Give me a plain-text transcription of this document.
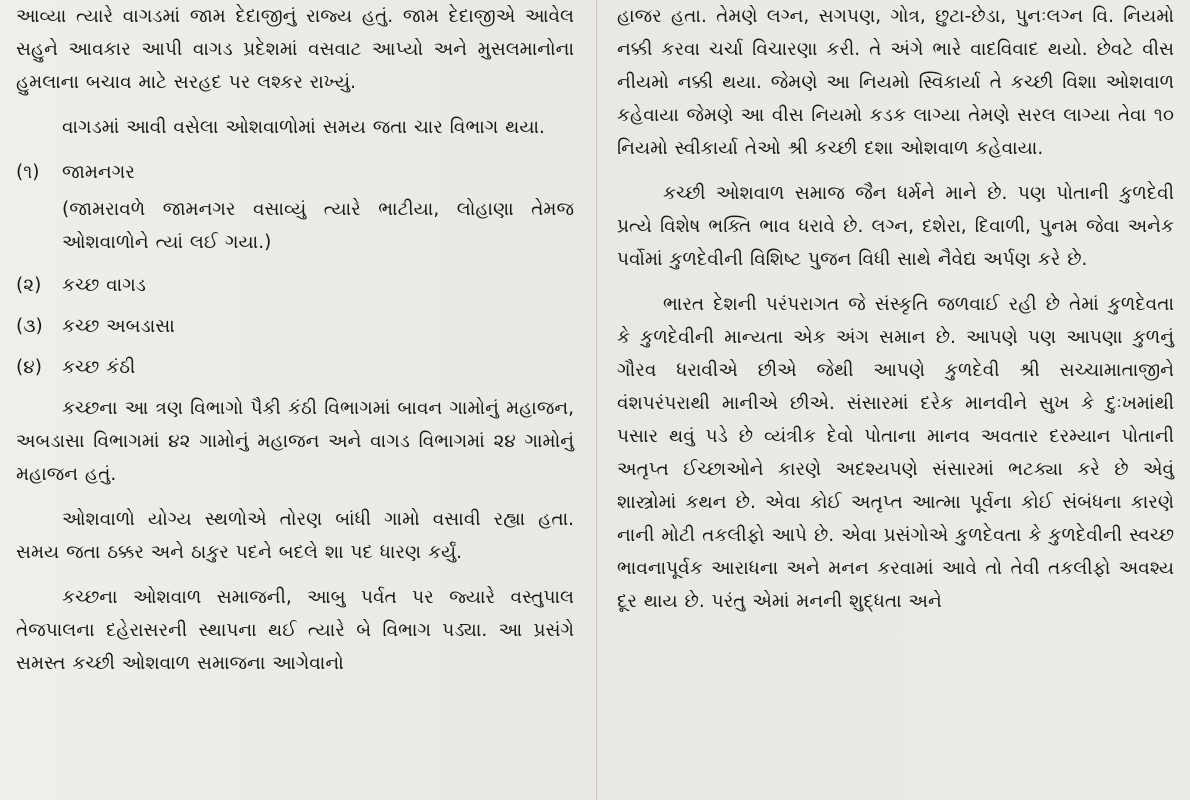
આવ્યા ત્યારે વાગડમાં જામ દેદાજીનું રાજ્ય હતું. જામ દેદાજીએ આવેલ સહુને આવકાર આપી વાગડ પ્રદેશમાં વસવાટ આપ્યો અને મુસલમાનોના હુમલાના બચાવ માટે સરહદ પર લશ્કર રાખ્યું.

વાગડમાં આવી વસેલા ઓશવાળોમાં સમય જતા ચાર વિભાગ થયા.

(૧)	જામનગર

(જામરાવળે જામનગર વસાવ્યું ત્યારે ભાટીયા, લોહાણા તેમજ ઓશવાળોને ત્યાં લઈ ગયા.)

(૨)	કચ્છ વાગડ
(૩)	કચ્છ અબડાસા
(૪)	કચ્છ કંઠી

કચ્છના આ ત્રણ વિભાગો પૈકી કંઠી વિભાગમાં બાવન ગામોનું મહાજન, અબડાસા વિભાગમાં ૪૨ ગામોનું મહાજન અને વાગડ વિભાગમાં ૨૪ ગામોનું મહાજન હતું.

ઓશવાળો યોગ્ય સ્થળોએ તોરણ બાંધી ગામો વસાવી રહ્યા હતા. સમય જતા ઠક્કર અને ઠાકુર પદને બદલે શા પદ ધારણ કર્યું.

કચ્છના ઓશવાળ સમાજની, આબુ પર્વત પર જ્યારે વસ્તુપાલ તેજપાલના દહેરાસરની સ્થાપના થઈ ત્યારે બે વિભાગ પડ્યા. આ પ્રસંગે સમસ્ત કચ્છી ઓશવાળ સમાજના આગેવાનો

હાજર હતા. તેમણે લગ્ન, સગપણ, ગોત્ર, છુટા-છેડા, પુનઃલગ્ન વિ. નિયમો નક્કી કરવા ચર્ચા વિચારણા કરી. તે અંગે ભારે વાદવિવાદ થયો. છેવટે વીસ નીયમો નક્કી થયા. જેમણે આ નિયમો સ્વિકાર્યા તે કચ્છી વિશા ઓશવાળ કહેવાયા જેમણે આ વીસ નિયમો કડક લાગ્યા તેમણે સરલ લાગ્યા તેવા ૧૦ નિયમો સ્વીકાર્યા તેઓ શ્રી કચ્છી દશા ઓશવાળ કહેવાયા.

કચ્છી ઓશવાળ સમાજ જૈન ધર્મને માને છે. પણ પોતાની કુળદેવી પ્રત્યે વિશેષ ભક્તિ ભાવ ધરાવે છે. લગ્ન, દશેરા, દિવાળી, પુનમ જેવા અનેક પર્વોમાં કુળદેવીની વિશિષ્ટ પુજન વિધી સાથે નૈવેદ્ય અર્પણ કરે છે.

ભારત દેશની પરંપરાગત જે સંસ્કૃતિ જળવાઈ રહી છે તેમાં કુળદેવતા કે કુળદેવીની માન્યતા એક અંગ સમાન છે. આપણે પણ આપણા કુળનું ગૌરવ ધરાવીએ છીએ જેથી આપણે કુળદેવી શ્રી સચ્ચામાતાજીને વંશપરંપરાથી માનીએ છીએ. સંસારમાં દરેક માનવીને સુખ કે દુઃખમાંથી પસાર થવું પડે છે વ્યંત્રીક દેવો પોતાના માનવ અવતાર દરમ્યાન પોતાની અતૃપ્ત ઈચ્છાઓને કારણે અદશ્યપણે સંસારમાં ભટક્યા કરે છે એવું શાસ્ત્રોમાં કથન છે. એવા કોઈ અતૃપ્ત આત્મા પૂર્વના કોઈ સંબંધના કારણે નાની મોટી તકલીફો આપે છે. એવા પ્રસંગોએ કુળદેવતા કે કુળદેવીની સ્વચ્છ ભાવનાપૂર્વક આરાધના અને મનન કરવામાં આવે તો તેવી તકલીફો અવશ્ય દૂર થાય છે. પરંતુ એમાં મનની શુદ્ધતા અને
